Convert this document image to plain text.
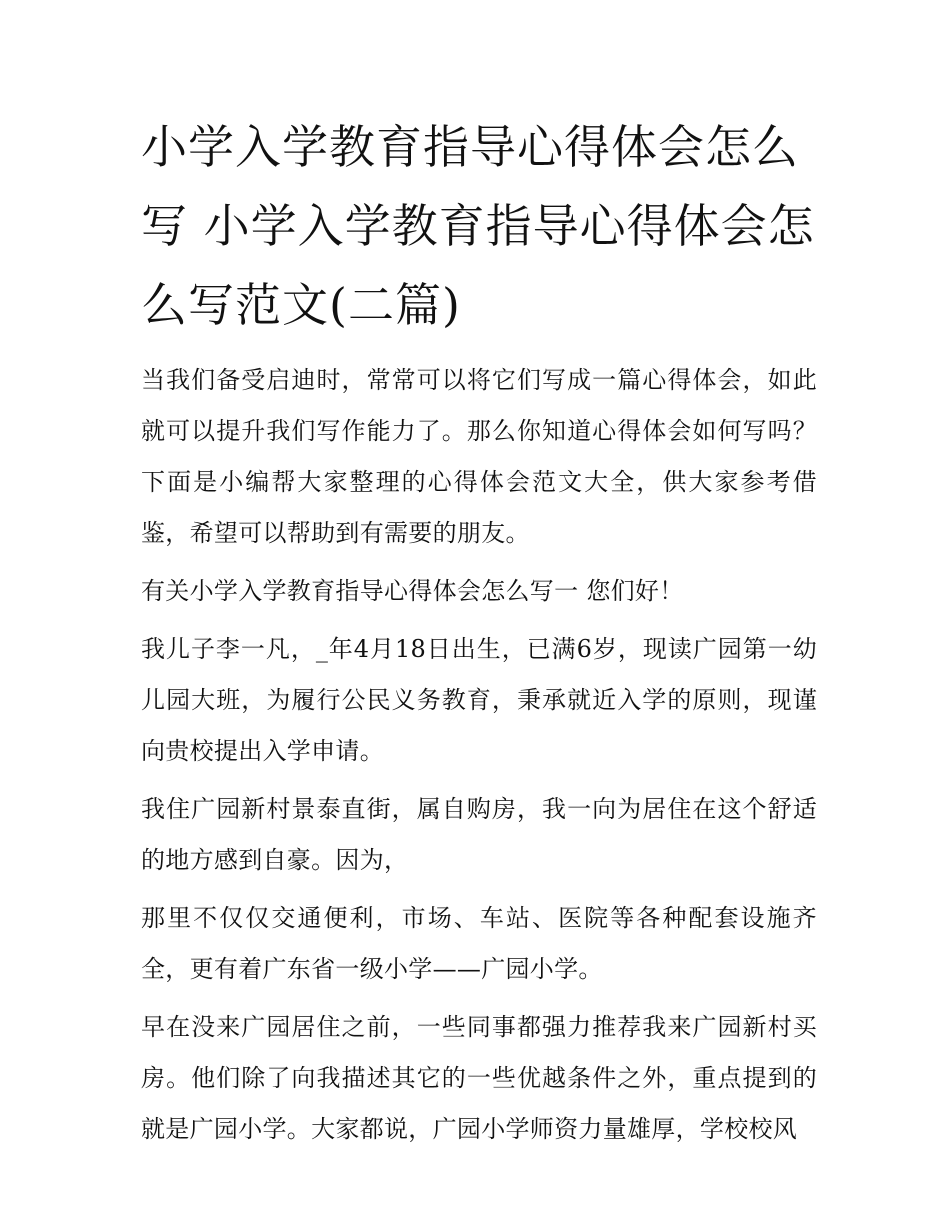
小学入学教育指导心得体会怎么写 小学入学教育指导心得体会怎么写范文(二篇)

当我们备受启迪时，常常可以将它们写成一篇心得体会，如此就可以提升我们写作能力了。那么你知道心得体会如何写吗？下面是小编帮大家整理的心得体会范文大全，供大家参考借鉴，希望可以帮助到有需要的朋友。

有关小学入学教育指导心得体会怎么写一 您们好！

我儿子李一凡，_年4月18日出生，已满6岁，现读广园第一幼儿园大班，为履行公民义务教育，秉承就近入学的原则，现谨向贵校提出入学申请。

我住广园新村景泰直街，属自购房，我一向为居住在这个舒适的地方感到自豪。因为，

那里不仅仅交通便利，市场、车站、医院等各种配套设施齐全，更有着广东省一级小学——广园小学。

早在没来广园居住之前，一些同事都强力推荐我来广园新村买房。他们除了向我描述其它的一些优越条件之外，重点提到的就是广园小学。大家都说，广园小学师资力量雄厚，学校校风
